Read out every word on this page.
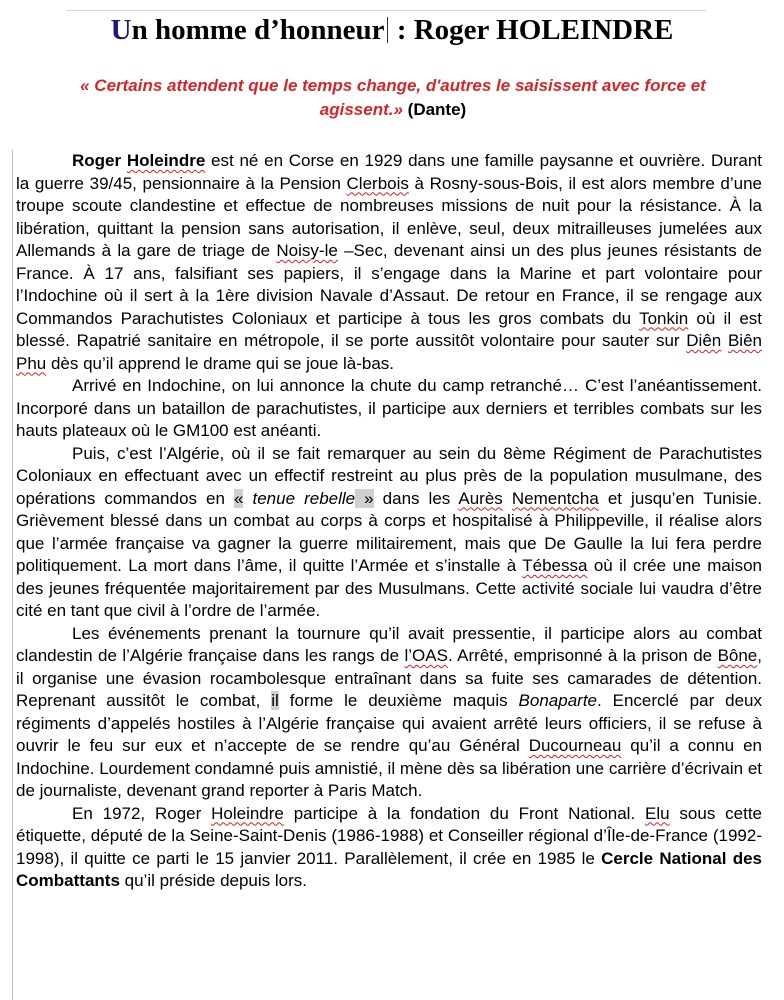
Un homme d’honneur : Roger HOLEINDRE
« Certains attendent que le temps change, d'autres le saisissent avec force et
agissent.» (Dante)

Roger Holeindre est né en Corse en 1929 dans une famille paysanne et ouvrière. Durant la guerre 39/45, pensionnaire à la Pension Clerbois à Rosny-sous-Bois, il est alors membre d’une troupe scoute clandestine et effectue de nombreuses missions de nuit pour la résistance. À la libération, quittant la pension sans autorisation, il enlève, seul, deux mitrailleuses jumelées aux Allemands à la gare de triage de Noisy-le –Sec, devenant ainsi un des plus jeunes résistants de France. À 17 ans, falsifiant ses papiers, il s’engage dans la Marine et part volontaire pour l’Indochine où il sert à la 1ère division Navale d’Assaut. De retour en France, il se rengage aux Commandos Parachutistes Coloniaux et participe à tous les gros combats du Tonkin où il est blessé. Rapatrié sanitaire en métropole, il se porte aussitôt volontaire pour sauter sur Diên Biên Phu dès qu’il apprend le drame qui se joue là-bas.

Arrivé en Indochine, on lui annonce la chute du camp retranché… C’est l’anéantissement. Incorporé dans un bataillon de parachutistes, il participe aux derniers et terribles combats sur les hauts plateaux où le GM100 est anéanti.

Puis, c’est l’Algérie, où il se fait remarquer au sein du 8ème Régiment de Parachutistes Coloniaux en effectuant avec un effectif restreint au plus près de la population musulmane, des opérations commandos en « tenue rebelle » dans les Aurès Nementcha et jusqu’en Tunisie. Grièvement blessé dans un combat au corps à corps et hospitalisé à Philippeville, il réalise alors que l’armée française va gagner la guerre militairement, mais que De Gaulle la lui fera perdre politiquement. La mort dans l’âme, il quitte l’Armée et s’installe à Tébessa où il crée une maison des jeunes fréquentée majoritairement par des Musulmans. Cette activité sociale lui vaudra d’être cité en tant que civil à l’ordre de l’armée.

Les événements prenant la tournure qu’il avait pressentie, il participe alors au combat clandestin de l’Algérie française dans les rangs de l’OAS. Arrêté, emprisonné à la prison de Bône, il organise une évasion rocambolesque entraînant dans sa fuite ses camarades de détention. Reprenant aussitôt le combat, il forme le deuxième maquis Bonaparte. Encerclé par deux régiments d’appelés hostiles à l’Algérie française qui avaient arrêté leurs officiers, il se refuse à ouvrir le feu sur eux et n’accepte de se rendre qu’au Général Ducourneau qu’il a connu en Indochine. Lourdement condamné puis amnistié, il mène dès sa libération une carrière d’écrivain et de journaliste, devenant grand reporter à Paris Match.

En 1972, Roger Holeindre participe à la fondation du Front National. Elu sous cette étiquette, député de la Seine-Saint-Denis (1986-1988) et Conseiller régional d’Île-de-France (1992-1998), il quitte ce parti le 15 janvier 2011. Parallèlement, il crée en 1985 le Cercle National des Combattants qu’il préside depuis lors.
